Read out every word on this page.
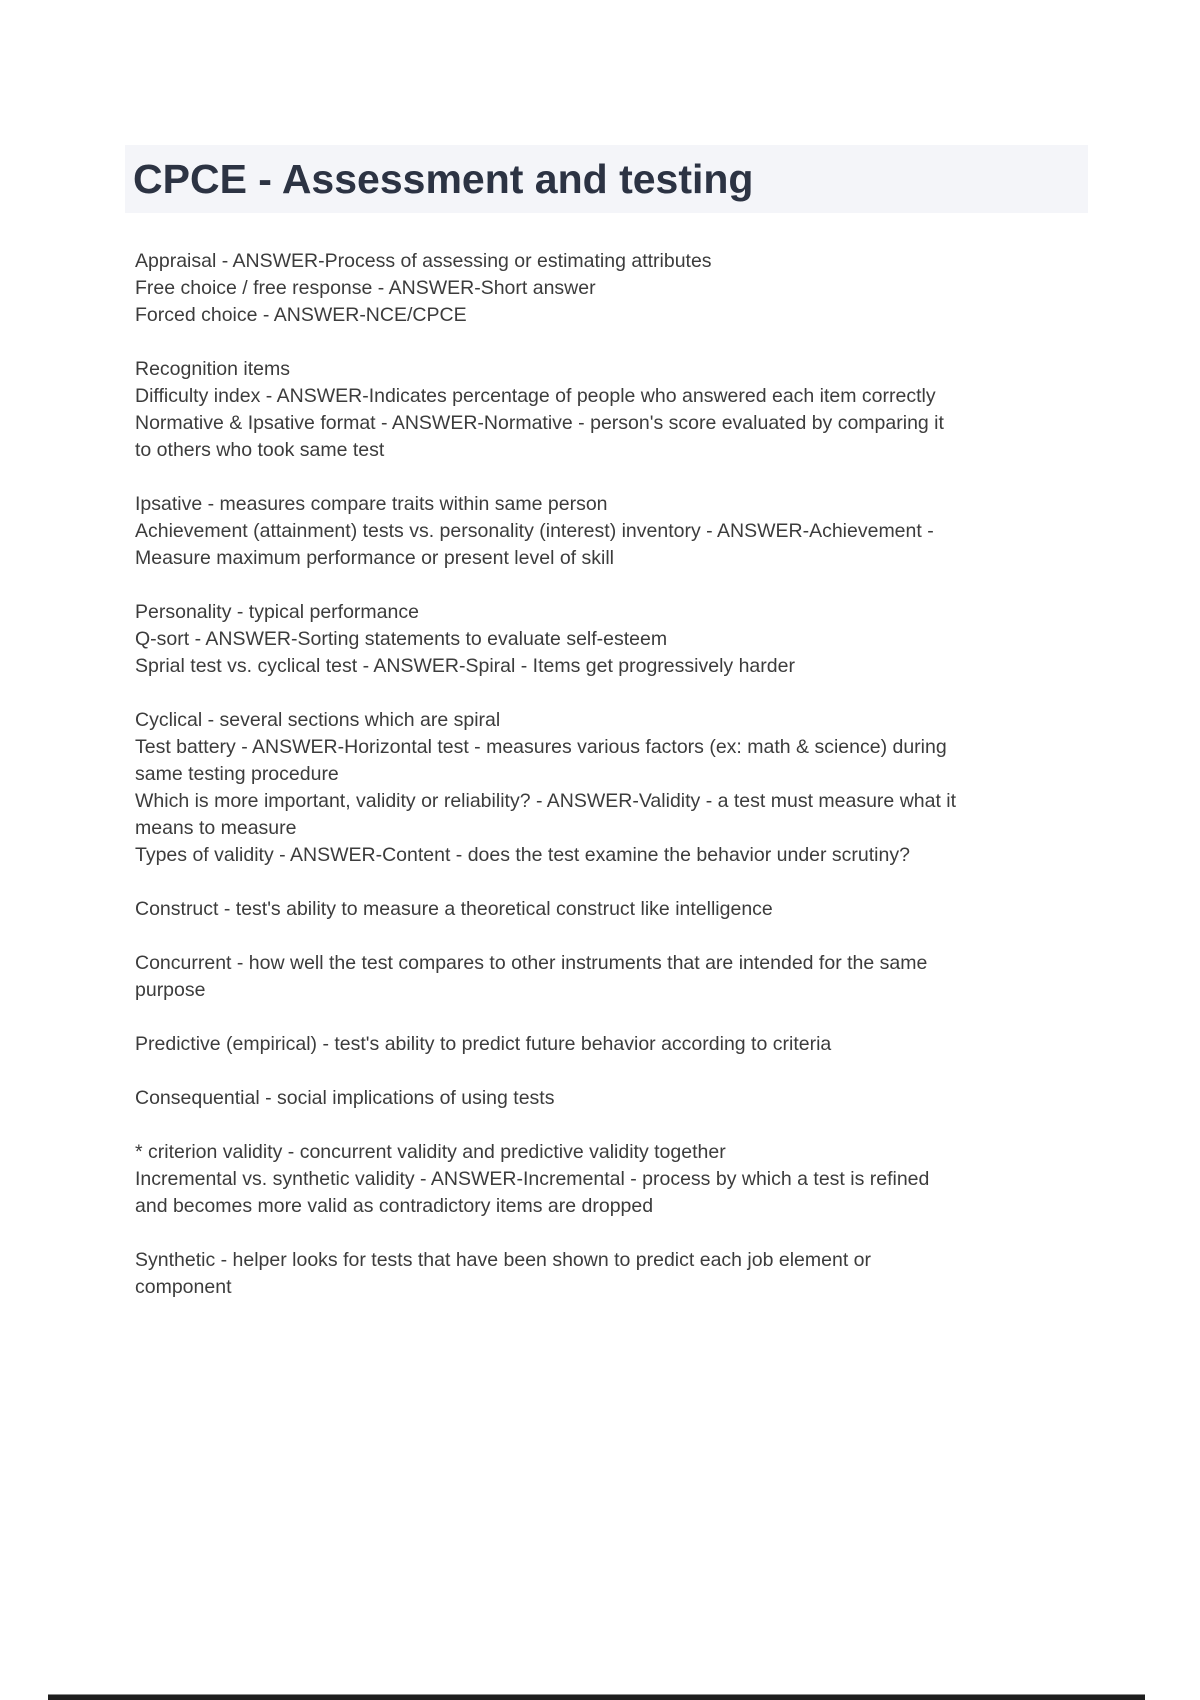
CPCE - Assessment and testing
Appraisal - ANSWER-Process of assessing or estimating attributes
Free choice / free response - ANSWER-Short answer
Forced choice - ANSWER-NCE/CPCE
Recognition items
Difficulty index - ANSWER-Indicates percentage of people who answered each item correctly
Normative & Ipsative format - ANSWER-Normative - person's score evaluated by comparing it
to others who took same test
Ipsative - measures compare traits within same person
Achievement (attainment) tests vs. personality (interest) inventory - ANSWER-Achievement -
Measure maximum performance or present level of skill
Personality - typical performance
Q-sort - ANSWER-Sorting statements to evaluate self-esteem
Sprial test vs. cyclical test - ANSWER-Spiral - Items get progressively harder
Cyclical - several sections which are spiral
Test battery - ANSWER-Horizontal test - measures various factors (ex: math & science) during
same testing procedure
Which is more important, validity or reliability? - ANSWER-Validity - a test must measure what it
means to measure
Types of validity - ANSWER-Content - does the test examine the behavior under scrutiny?
Construct - test's ability to measure a theoretical construct like intelligence
Concurrent - how well the test compares to other instruments that are intended for the same
purpose
Predictive (empirical) - test's ability to predict future behavior according to criteria
Consequential - social implications of using tests
* criterion validity - concurrent validity and predictive validity together
Incremental vs. synthetic validity - ANSWER-Incremental - process by which a test is refined
and becomes more valid as contradictory items are dropped
Synthetic - helper looks for tests that have been shown to predict each job element or
component
